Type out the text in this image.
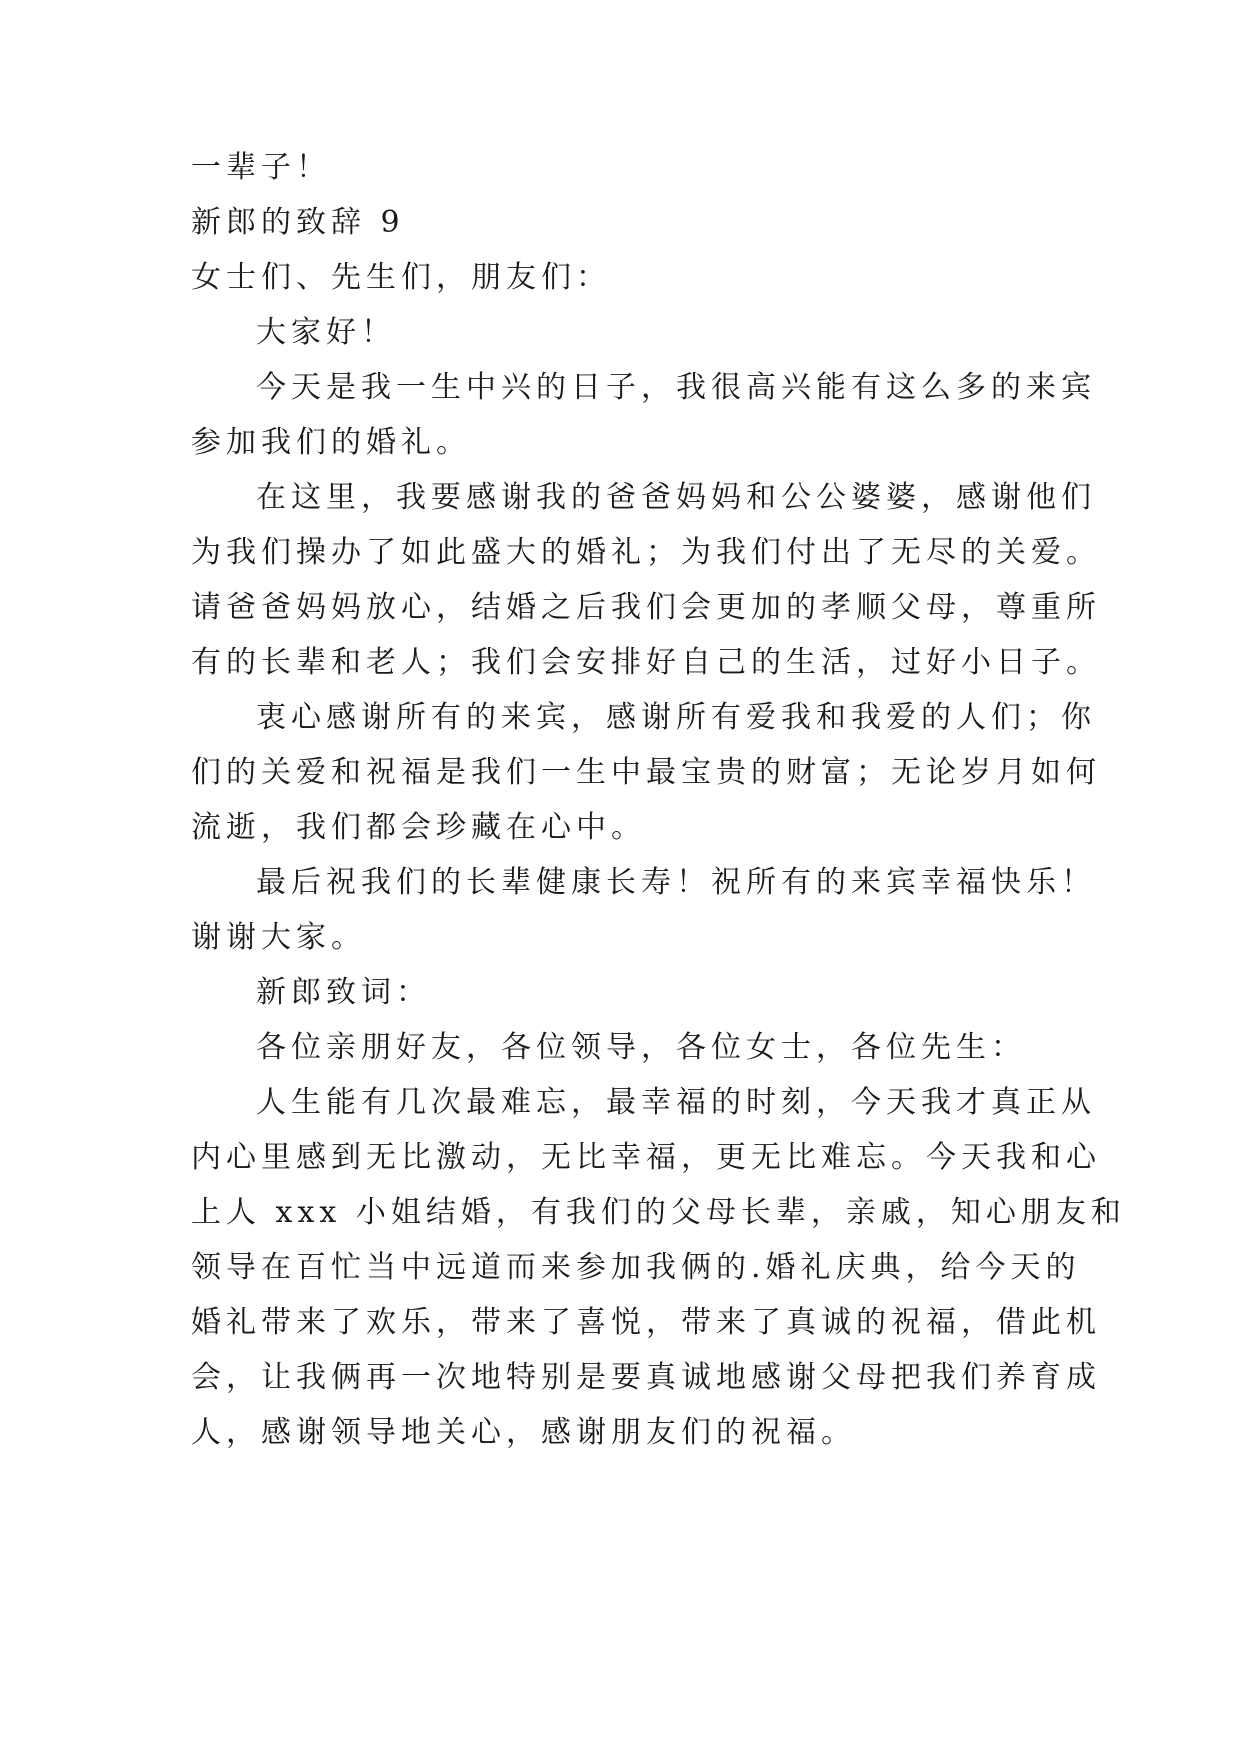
一辈子！
新郎的致辞 9
女士们、先生们，朋友们：
大家好！
今天是我一生中兴的日子，我很高兴能有这么多的来宾
参加我们的婚礼。
在这里，我要感谢我的爸爸妈妈和公公婆婆，感谢他们
为我们操办了如此盛大的婚礼；为我们付出了无尽的关爱。
请爸爸妈妈放心，结婚之后我们会更加的孝顺父母，尊重所
有的长辈和老人；我们会安排好自己的生活，过好小日子。
衷心感谢所有的来宾，感谢所有爱我和我爱的人们；你
们的关爱和祝福是我们一生中最宝贵的财富；无论岁月如何
流逝，我们都会珍藏在心中。
最后祝我们的长辈健康长寿！祝所有的来宾幸福快乐！
谢谢大家。
新郎致词：
各位亲朋好友，各位领导，各位女士，各位先生：
人生能有几次最难忘，最幸福的时刻，今天我才真正从
内心里感到无比激动，无比幸福，更无比难忘。今天我和心
上人 xxx 小姐结婚，有我们的父母长辈，亲戚，知心朋友和
领导在百忙当中远道而来参加我俩的.婚礼庆典，给今天的
婚礼带来了欢乐，带来了喜悦，带来了真诚的祝福，借此机
会，让我俩再一次地特别是要真诚地感谢父母把我们养育成
人，感谢领导地关心，感谢朋友们的祝福。
